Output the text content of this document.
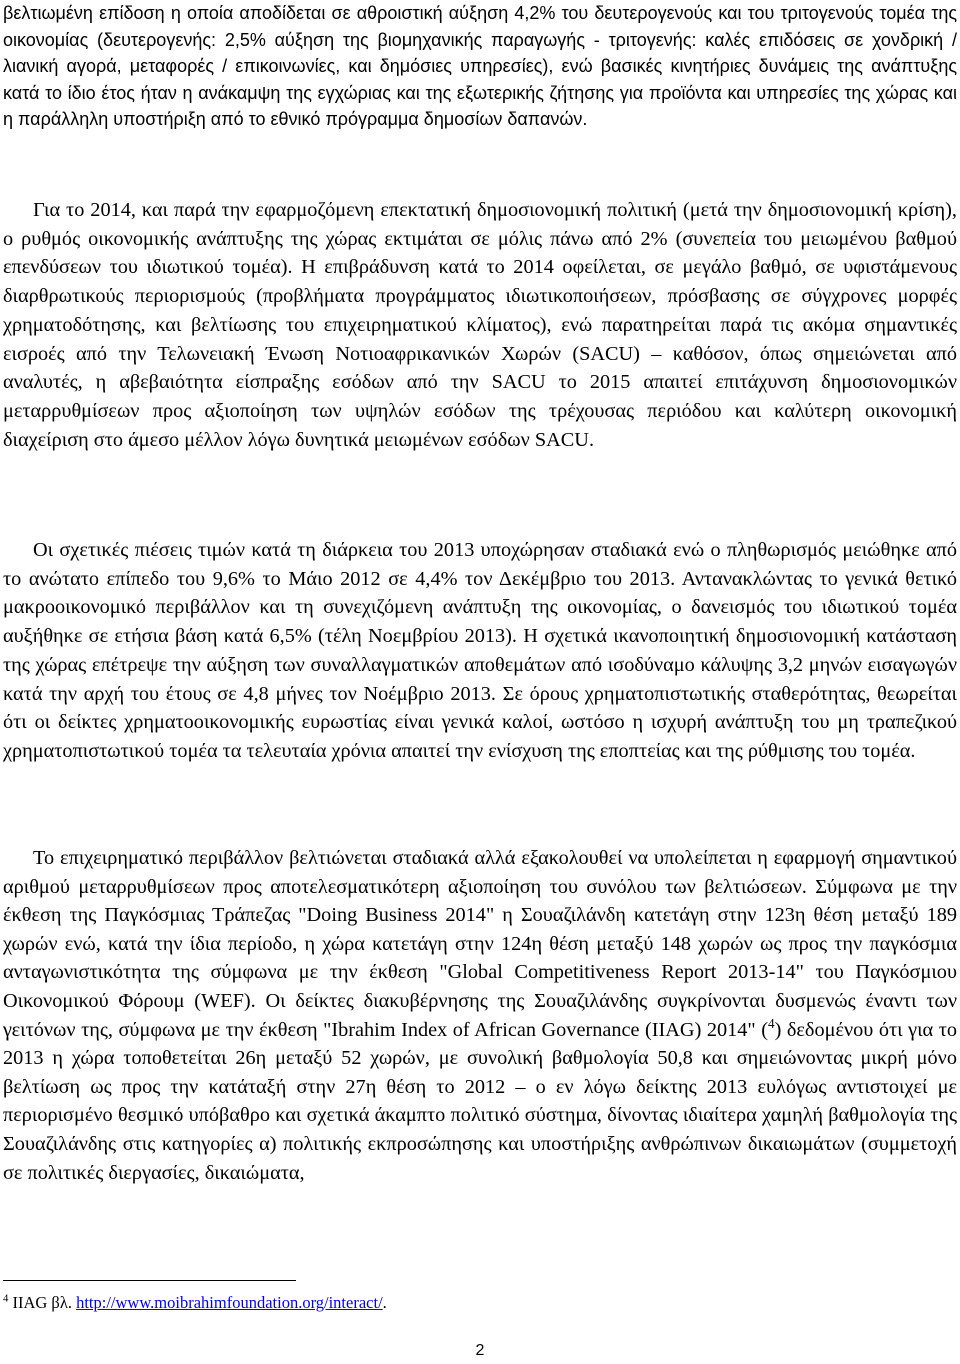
βελτιωμένη επίδοση η οποία αποδίδεται σε αθροιστική αύξηση 4,2% του δευτερογενούς και του τριτογενούς τομέα της οικονομίας (δευτερογενής: 2,5% αύξηση της βιομηχανικής παραγωγής - τριτογενής: καλές επιδόσεις σε χονδρική / λιανική αγορά, μεταφορές / επικοινωνίες, και δημόσιες υπηρεσίες), ενώ βασικές κινητήριες δυνάμεις της ανάπτυξης κατά το ίδιο έτος ήταν η ανάκαμψη της εγχώριας και της εξωτερικής ζήτησης για προϊόντα και υπηρεσίες της χώρας και η παράλληλη υποστήριξη από το εθνικό πρόγραμμα δημοσίων δαπανών.

Για το 2014, και παρά την εφαρμοζόμενη επεκτατική δημοσιονομική πολιτική (μετά την δημοσιονομική κρίση), ο ρυθμός οικονομικής ανάπτυξης της χώρας εκτιμάται σε μόλις πάνω από 2% (συνεπεία του μειωμένου βαθμού επενδύσεων του ιδιωτικού τομέα). Η επιβράδυνση κατά το 2014 οφείλεται, σε μεγάλο βαθμό, σε υφιστάμενους διαρθρωτικούς περιορισμούς (προβλήματα προγράμματος ιδιωτικοποιήσεων, πρόσβασης σε σύγχρονες μορφές χρηματοδότησης, και βελτίωσης του επιχειρηματικού κλίματος), ενώ παρατηρείται παρά τις ακόμα σημαντικές εισροές από την Τελωνειακή Ένωση Νοτιοαφρικανικών Χωρών (SACU) – καθόσον, όπως σημειώνεται από αναλυτές, η αβεβαιότητα είσπραξης εσόδων από την SACU το 2015 απαιτεί επιτάχυνση δημοσιονομικών μεταρρυθμίσεων προς αξιοποίηση των υψηλών εσόδων της τρέχουσας περιόδου και καλύτερη οικονομική διαχείριση στο άμεσο μέλλον λόγω δυνητικά μειωμένων εσόδων SACU.

Οι σχετικές πιέσεις τιμών κατά τη διάρκεια του 2013 υποχώρησαν σταδιακά ενώ ο πληθωρισμός μειώθηκε από το ανώτατο επίπεδο του 9,6% το Μάιο 2012 σε 4,4% τον Δεκέμβριο του 2013. Αντανακλώντας το γενικά θετικό μακροοικονομικό περιβάλλον και τη συνεχιζόμενη ανάπτυξη της οικονομίας, ο δανεισμός του ιδιωτικού τομέα αυξήθηκε σε ετήσια βάση κατά 6,5% (τέλη Νοεμβρίου 2013). Η σχετικά ικανοποιητική δημοσιονομική κατάσταση της χώρας επέτρεψε την αύξηση των συναλλαγματικών αποθεμάτων από ισοδύναμο κάλυψης 3,2 μηνών εισαγωγών κατά την αρχή του έτους σε 4,8 μήνες τον Νοέμβριο 2013. Σε όρους χρηματοπιστωτικής σταθερότητας, θεωρείται ότι οι δείκτες χρηματοοικονομικής ευρωστίας είναι γενικά καλοί, ωστόσο η ισχυρή ανάπτυξη του μη τραπεζικού χρηματοπιστωτικού τομέα τα τελευταία χρόνια απαιτεί την ενίσχυση της εποπτείας και της ρύθμισης του τομέα.

Το επιχειρηματικό περιβάλλον βελτιώνεται σταδιακά αλλά εξακολουθεί να υπολείπεται η εφαρμογή σημαντικού αριθμού μεταρρυθμίσεων προς αποτελεσματικότερη αξιοποίηση του συνόλου των βελτιώσεων. Σύμφωνα με την έκθεση της Παγκόσμιας Τράπεζας "Doing Business 2014" η Σουαζιλάνδη κατετάγη στην 123η θέση μεταξύ 189 χωρών ενώ, κατά την ίδια περίοδο, η χώρα κατετάγη στην 124η θέση μεταξύ 148 χωρών ως προς την παγκόσμια ανταγωνιστικότητα της σύμφωνα με την έκθεση "Global Competitiveness Report 2013-14" του Παγκόσμιου Οικονομικού Φόρουμ (WEF). Οι δείκτες διακυβέρνησης της Σουαζιλάνδης συγκρίνονται δυσμενώς έναντι των γειτόνων της, σύμφωνα με την έκθεση "Ibrahim Index of African Governance (IIAG) 2014" ($^4$) δεδομένου ότι για το 2013 η χώρα τοποθετείται 26η μεταξύ 52 χωρών, με συνολική βαθμολογία 50,8 και σημειώνοντας μικρή μόνο βελτίωση ως προς την κατάταξή στην 27η θέση το 2012 – ο εν λόγω δείκτης 2013 ευλόγως αντιστοιχεί με περιορισμένο θεσμικό υπόβαθρο και σχετικά άκαμπτο πολιτικό σύστημα, δίνοντας ιδιαίτερα χαμηλή βαθμολογία της Σουαζιλάνδης στις κατηγορίες α) πολιτικής εκπροσώπησης και υποστήριξης ανθρώπινων δικαιωμάτων (συμμετοχή σε πολιτικές διεργασίες, δικαιώματα,

$^4$ IIAG βλ. http://www.moibrahimfoundation.org/interact/.
2
